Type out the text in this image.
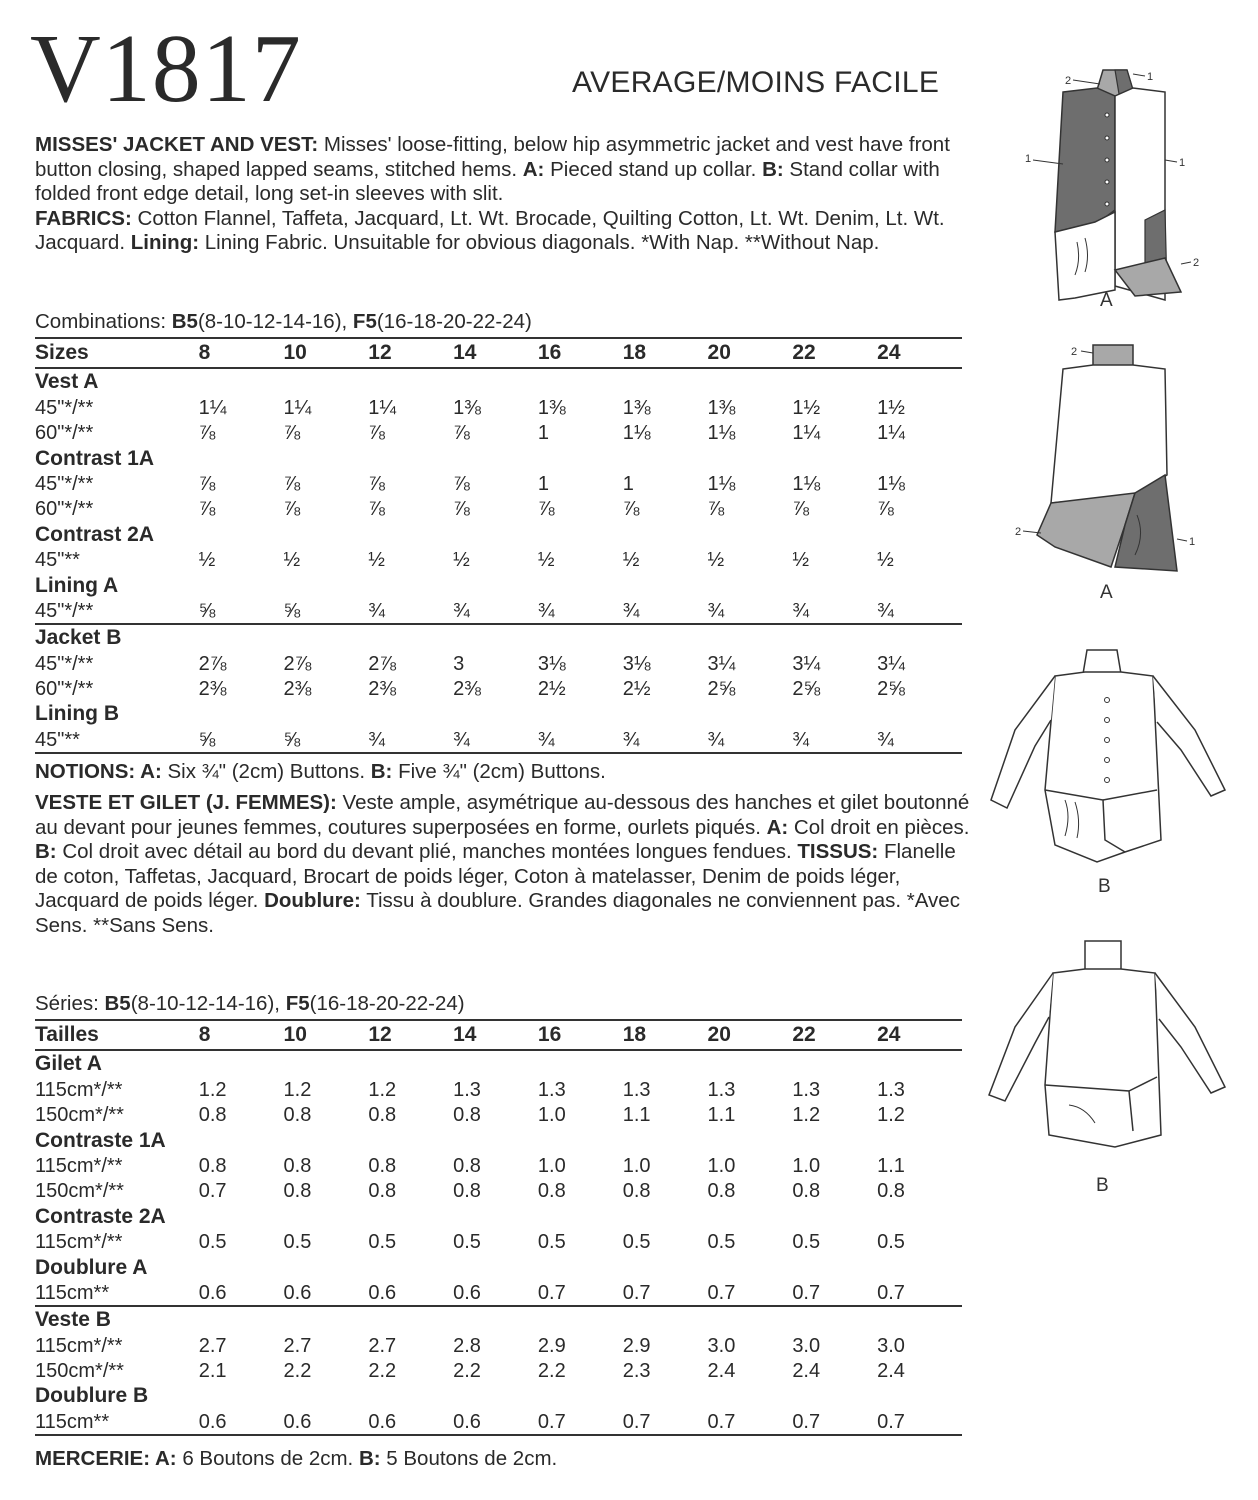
V1817	AVERAGE/MOINS FACILE
MISSES' JACKET AND VEST: Misses' loose-fitting, below hip asymmetric jacket and vest have front button closing, shaped lapped seams, stitched hems. A: Pieced stand up collar. B: Stand collar with folded front edge detail, long set-in sleeves with slit.
FABRICS: Cotton Flannel, Taffeta, Jacquard, Lt. Wt. Brocade, Quilting Cotton, Lt. Wt. Denim, Lt. Wt. Jacquard. Lining: Lining Fabric. Unsuitable for obvious diagonals. *With Nap. **Without Nap.
Combinations: B5(8-10-12-14-16), F5(16-18-20-22-24)
Sizes	8	10	12	14	16	18	20	22	24
Vest A									
45"*/**	1¼	1¼	1¼	1⅜	1⅜	1⅜	1⅜	1½	1½
60"*/**	⅞	⅞	⅞	⅞	1	1⅛	1⅛	1¼	1¼
Contrast 1A									
45"*/**	⅞	⅞	⅞	⅞	1	1	1⅛	1⅛	1⅛
60"*/**	⅞	⅞	⅞	⅞	⅞	⅞	⅞	⅞	⅞
Contrast 2A									
45"**	½	½	½	½	½	½	½	½	½
Lining A									
45"*/**	⅝	⅝	¾	¾	¾	¾	¾	¾	¾
Jacket B									
45"*/**	2⅞	2⅞	2⅞	3	3⅛	3⅛	3¼	3¼	3¼
60"*/**	2⅜	2⅜	2⅜	2⅜	2½	2½	2⅝	2⅝	2⅝
Lining B									
45"**	⅝	⅝	¾	¾	¾	¾	¾	¾	¾
NOTIONS: A: Six ¾" (2cm) Buttons. B: Five ¾" (2cm) Buttons.
VESTE ET GILET (J. FEMMES): Veste ample, asymétrique au-dessous des hanches et gilet boutonné au devant pour jeunes femmes, coutures superposées en forme, ourlets piqués. A: Col droit en pièces. B: Col droit avec détail au bord du devant plié, manches montées longues fendues. TISSUS: Flanelle de coton, Taffetas, Jacquard, Brocart de poids léger, Coton à matelasser, Denim de poids léger, Jacquard de poids léger. Doublure: Tissu à doublure. Grandes diagonales ne conviennent pas. *Avec Sens. **Sans Sens.
Séries: B5(8-10-12-14-16), F5(16-18-20-22-24)
Tailles	8	10	12	14	16	18	20	22	24
Gilet A									
115cm*/**	1.2	1.2	1.2	1.3	1.3	1.3	1.3	1.3	1.3
150cm*/**	0.8	0.8	0.8	0.8	1.0	1.1	1.1	1.2	1.2
Contraste 1A									
115cm*/**	0.8	0.8	0.8	0.8	1.0	1.0	1.0	1.0	1.1
150cm*/**	0.7	0.8	0.8	0.8	0.8	0.8	0.8	0.8	0.8
Contraste 2A									
115cm*/**	0.5	0.5	0.5	0.5	0.5	0.5	0.5	0.5	0.5
Doublure A									
115cm**	0.6	0.6	0.6	0.6	0.7	0.7	0.7	0.7	0.7
Veste B									
115cm*/**	2.7	2.7	2.7	2.8	2.9	2.9	3.0	3.0	3.0
150cm*/**	2.1	2.2	2.2	2.2	2.2	2.3	2.4	2.4	2.4
Doublure B									
115cm**	0.6	0.6	0.6	0.6	0.7	0.7	0.7	0.7	0.7
MERCERIE: A: 6 Boutons de 2cm. B: 5 Boutons de 2cm.
1	1
2	1
2
A
2
1
2
A
B
B
